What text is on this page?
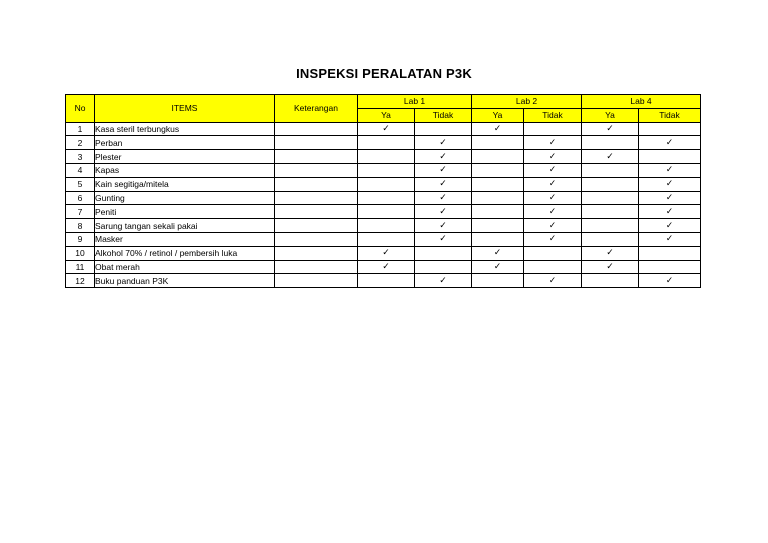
INSPEKSI PERALATAN P3K
No	ITEMS	Keterangan	Lab 1		Lab 2		Lab 4	
			Ya	Tidak	Ya	Tidak	Ya	Tidak
1	Kasa steril terbungkus		✓		✓		✓	
2	Perban			✓		✓		✓
3	Plester			✓		✓	✓	
4	Kapas			✓		✓		✓
5	Kain segitiga/mitela			✓		✓		✓
6	Gunting			✓		✓		✓
7	Peniti			✓		✓		✓
8	Sarung tangan sekali pakai			✓		✓		✓
9	Masker			✓		✓		✓
10	Alkohol 70% / retinol / pembersih luka		✓		✓		✓	
11	Obat merah		✓		✓		✓	
12	Buku panduan P3K			✓		✓		✓
